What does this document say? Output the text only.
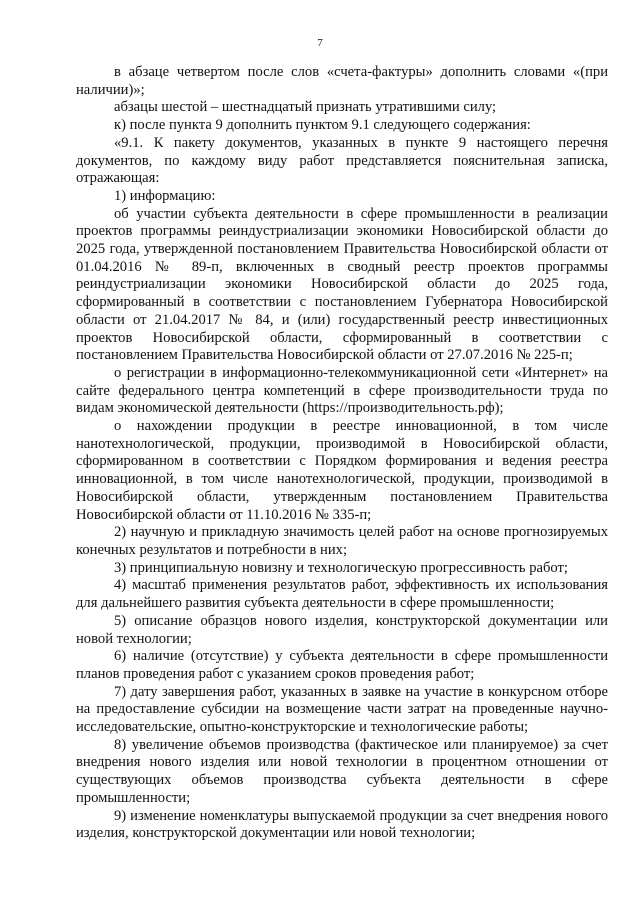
7

в абзаце четвертом после слов «счета-фактуры» дополнить словами «(при наличии)»;

абзацы шестой – шестнадцатый признать утратившими силу;

к) после пункта 9 дополнить пунктом 9.1 следующего содержания:

«9.1. К пакету документов, указанных в пункте 9 настоящего перечня документов, по каждому виду работ представляется пояснительная записка, отражающая:

1) информацию:

об участии субъекта деятельности в сфере промышленности в реализации проектов программы реиндустриализации экономики Новосибирской области до 2025 года, утвержденной постановлением Правительства Новосибирской области от 01.04.2016 № 89-п, включенных в сводный реестр проектов программы реиндустриализации экономики Новосибирской области до 2025 года, сформированный в соответствии с постановлением Губернатора Новосибирской области от 21.04.2017 № 84, и (или) государственный реестр инвестиционных проектов Новосибирской области, сформированный в соответствии с постановлением Правительства Новосибирской области от 27.07.2016 № 225-п;

о регистрации в информационно-телекоммуникационной сети «Интернет» на сайте федерального центра компетенций в сфере производительности труда по видам экономической деятельности (https://производительность.рф);

о нахождении продукции в реестре инновационной, в том числе нанотехнологической, продукции, производимой в Новосибирской области, сформированном в соответствии с Порядком формирования и ведения реестра инновационной, в том числе нанотехнологической, продукции, производимой в Новосибирской области, утвержденным постановлением Правительства Новосибирской области от 11.10.2016 № 335-п;

2) научную и прикладную значимость целей работ на основе прогнозируемых конечных результатов и потребности в них;

3) принципиальную новизну и технологическую прогрессивность работ;

4) масштаб применения результатов работ, эффективность их использования для дальнейшего развития субъекта деятельности в сфере промышленности;

5) описание образцов нового изделия, конструкторской документации или новой технологии;

6) наличие (отсутствие) у субъекта деятельности в сфере промышленности планов проведения работ с указанием сроков проведения работ;

7) дату завершения работ, указанных в заявке на участие в конкурсном отборе на предоставление субсидии на возмещение части затрат на проведенные научно-исследовательские, опытно-конструкторские и технологические работы;

8) увеличение объемов производства (фактическое или планируемое) за счет внедрения нового изделия или новой технологии в процентном отношении от существующих объемов производства субъекта деятельности в сфере промышленности;

9) изменение номенклатуры выпускаемой продукции за счет внедрения нового изделия, конструкторской документации или новой технологии;
